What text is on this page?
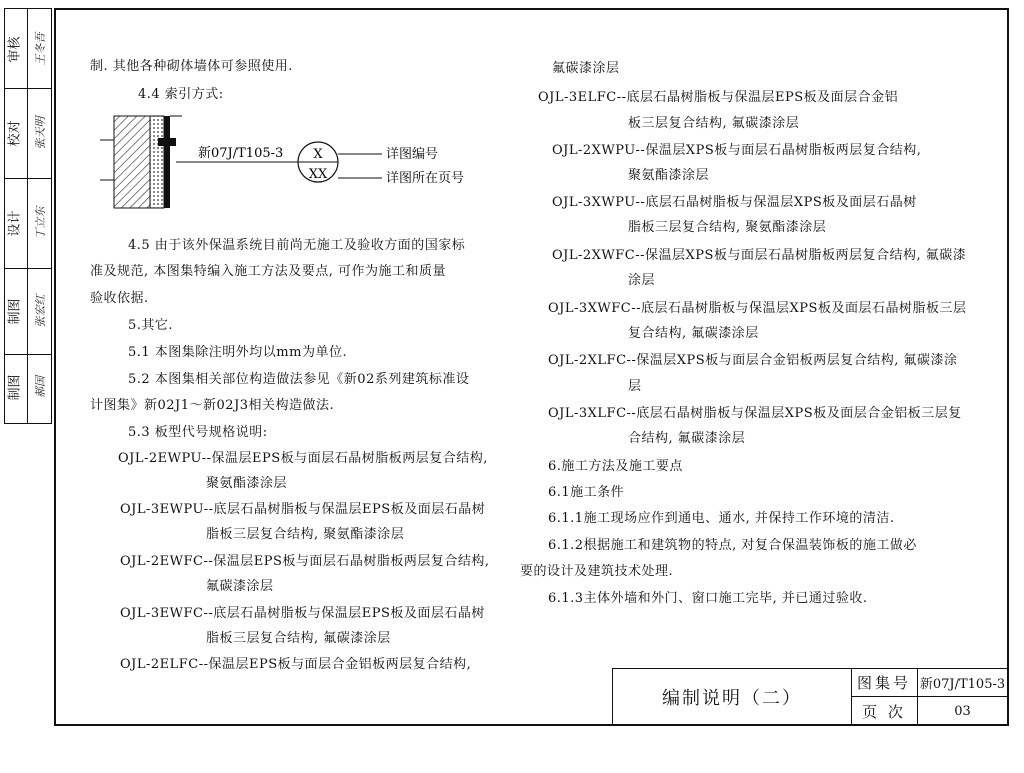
审核 王冬吾
校对 张天明
设计 丁立东
制图 张宏红
制图 郝国
制. 其他各种砌体墙体可参照使用.
4.4 索引方式:
新07J/T105-3 X
XX
详图编号
详图所在页号
4.5 由于该外保温系统目前尚无施工及验收方面的国家标
准及规范, 本图集特编入施工方法及要点, 可作为施工和质量
验收依据.
5.其它.
5.1 本图集除注明外均以mm为单位.
5.2 本图集相关部位构造做法参见《新02系列建筑标准设
计图集》新02J1～新02J3相关构造做法.
5.3 板型代号规格说明:
OJL-2EWPU--保温层EPS板与面层石晶树脂板两层复合结构,
聚氨酯漆涂层
OJL-3EWPU--底层石晶树脂板与保温层EPS板及面层石晶树
脂板三层复合结构, 聚氨酯漆涂层
OJL-2EWFC--保温层EPS板与面层石晶树脂板两层复合结构,
氟碳漆涂层
OJL-3EWFC--底层石晶树脂板与保温层EPS板及面层石晶树
脂板三层复合结构, 氟碳漆涂层
OJL-2ELFC--保温层EPS板与面层合金铝板两层复合结构,
氟碳漆涂层
OJL-3ELFC--底层石晶树脂板与保温层EPS板及面层合金铝
板三层复合结构, 氟碳漆涂层
OJL-2XWPU--保温层XPS板与面层石晶树脂板两层复合结构,
聚氨酯漆涂层
OJL-3XWPU--底层石晶树脂板与保温层XPS板及面层石晶树
脂板三层复合结构, 聚氨酯漆涂层
OJL-2XWFC--保温层XPS板与面层石晶树脂板两层复合结构, 氟碳漆
涂层
OJL-3XWFC--底层石晶树脂板与保温层XPS板及面层石晶树脂板三层
复合结构, 氟碳漆涂层
OJL-2XLFC--保温层XPS板与面层合金铝板两层复合结构, 氟碳漆涂
层
OJL-3XLFC--底层石晶树脂板与保温层XPS板及面层合金铝板三层复
合结构, 氟碳漆涂层
6.施工方法及施工要点
6.1施工条件
6.1.1施工现场应作到通电、通水, 并保持工作环境的清洁.
6.1.2根据施工和建筑物的特点, 对复合保温装饰板的施工做必
要的设计及建筑技术处理.
6.1.3主体外墙和外门、窗口施工完毕, 并已通过验收.
编制说明（二）
图集号 新07J/T105-3
页 次	03
